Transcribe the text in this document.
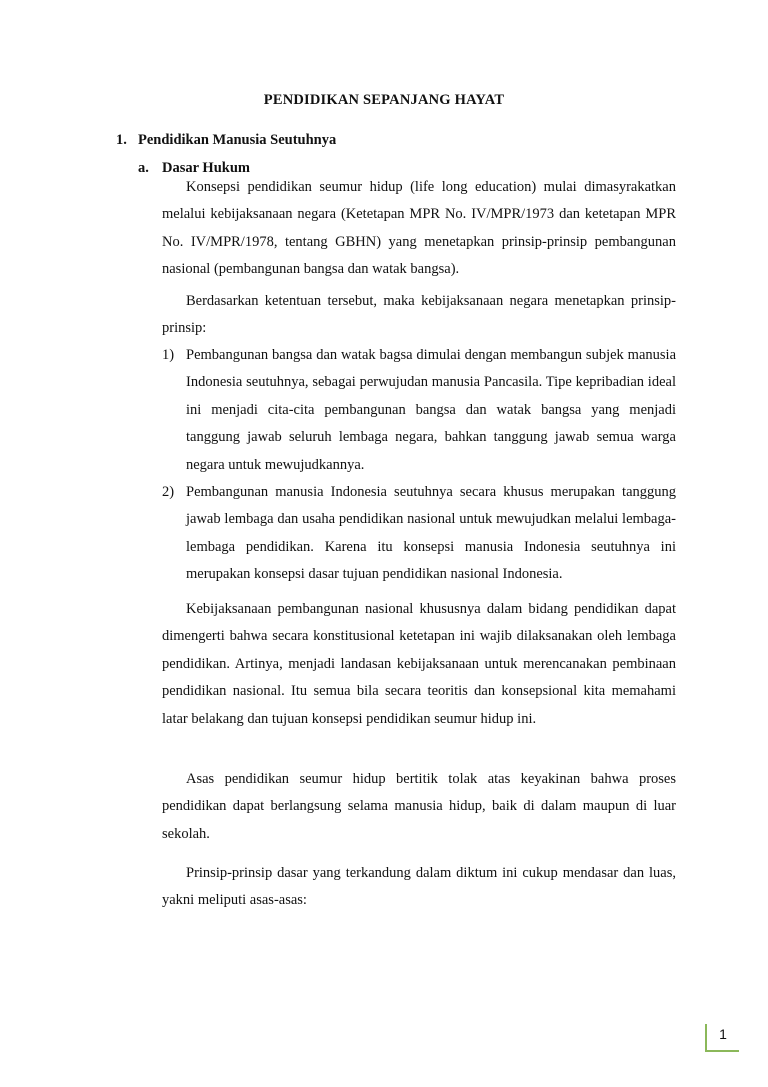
PENDIDIKAN SEPANJANG HAYAT
1. Pendidikan Manusia Seutuhnya
a. Dasar Hukum

Konsepsi pendidikan seumur hidup (life long education) mulai dimasyrakatkan melalui kebijaksanaan negara (Ketetapan MPR No. IV/MPR/1973 dan ketetapan MPR No. IV/MPR/1978, tentang GBHN) yang menetapkan prinsip-prinsip pembangunan nasional (pembangunan bangsa dan watak bangsa).

Berdasarkan ketentuan tersebut, maka kebijaksanaan negara menetapkan prinsip-prinsip:

1) Pembangunan bangsa dan watak bagsa dimulai dengan membangun subjek manusia Indonesia seutuhnya, sebagai perwujudan manusia Pancasila. Tipe kepribadian ideal ini menjadi cita-cita pembangunan bangsa dan watak bangsa yang menjadi tanggung jawab seluruh lembaga negara, bahkan tanggung jawab semua warga negara untuk mewujudkannya.
2) Pembangunan manusia Indonesia seutuhnya secara khusus merupakan tanggung jawab lembaga dan usaha pendidikan nasional untuk mewujudkan melalui lembaga-lembaga pendidikan. Karena itu konsepsi manusia Indonesia seutuhnya ini merupakan konsepsi dasar tujuan pendidikan nasional Indonesia.

Kebijaksanaan pembangunan nasional khususnya dalam bidang pendidikan dapat dimengerti bahwa secara konstitusional ketetapan ini wajib dilaksanakan oleh lembaga pendidikan. Artinya, menjadi landasan kebijaksanaan untuk merencanakan pembinaan pendidikan nasional. Itu semua bila secara teoritis dan konsepsional kita memahami latar belakang dan tujuan konsepsi pendidikan seumur hidup ini.

Asas pendidikan seumur hidup bertitik tolak atas keyakinan bahwa proses pendidikan dapat berlangsung selama manusia hidup, baik di dalam maupun di luar sekolah.

Prinsip-prinsip dasar yang terkandung dalam diktum ini cukup mendasar dan luas, yakni meliputi asas-asas:

1
